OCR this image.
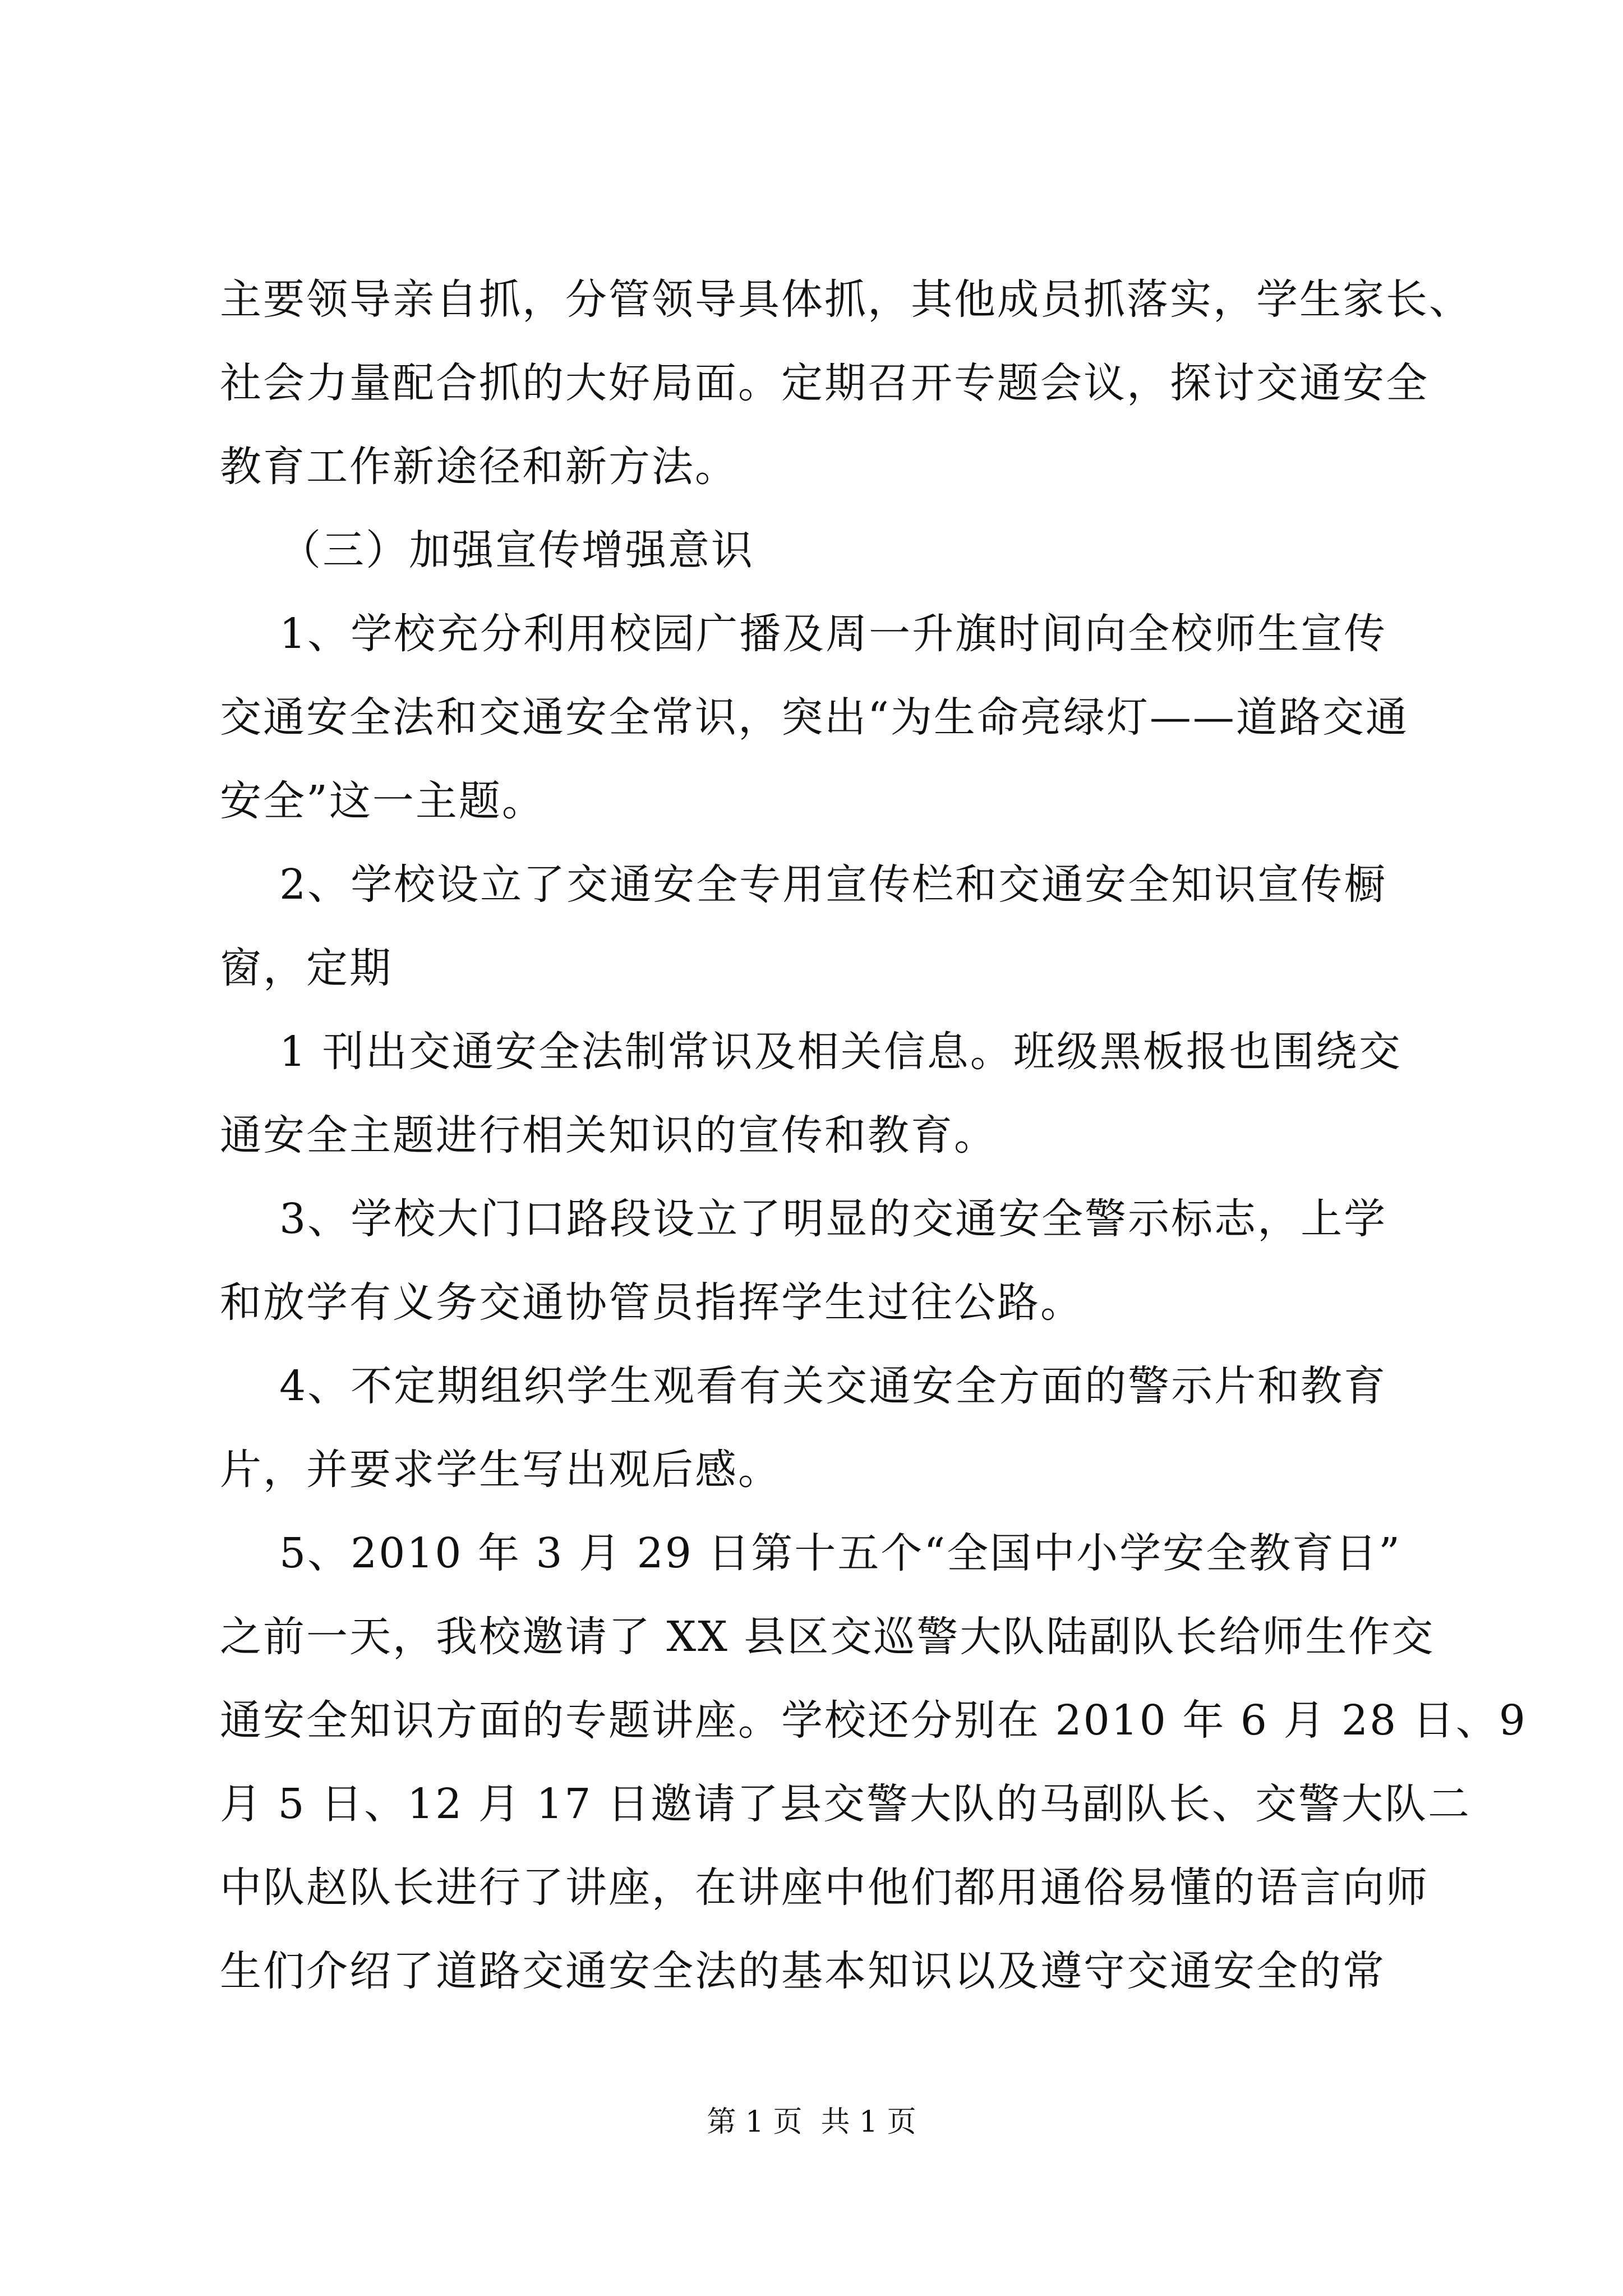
主要领导亲自抓，分管领导具体抓，其他成员抓落实，学生家长、
社会力量配合抓的大好局面。定期召开专题会议，探讨交通安全
教育工作新途径和新方法。
（三）加强宣传增强意识
1、学校充分利用校园广播及周一升旗时间向全校师生宣传
交通安全法和交通安全常识，突出“为生命亮绿灯——道路交通
安全”这一主题。
2、学校设立了交通安全专用宣传栏和交通安全知识宣传橱
窗，定期
1 刊出交通安全法制常识及相关信息。班级黑板报也围绕交
通安全主题进行相关知识的宣传和教育。
3、学校大门口路段设立了明显的交通安全警示标志，上学
和放学有义务交通协管员指挥学生过往公路。
4、不定期组织学生观看有关交通安全方面的警示片和教育
片，并要求学生写出观后感。
5、2010 年 3 月 29 日第十五个“全国中小学安全教育日”
之前一天，我校邀请了 XX 县区交巡警大队陆副队长给师生作交
通安全知识方面的专题讲座。学校还分别在 2010 年 6 月 28 日、9
月 5 日、12 月 17 日邀请了县交警大队的马副队长、交警大队二
中队赵队长进行了讲座，在讲座中他们都用通俗易懂的语言向师
生们介绍了道路交通安全法的基本知识以及遵守交通安全的常
第 1 页  共 1 页
